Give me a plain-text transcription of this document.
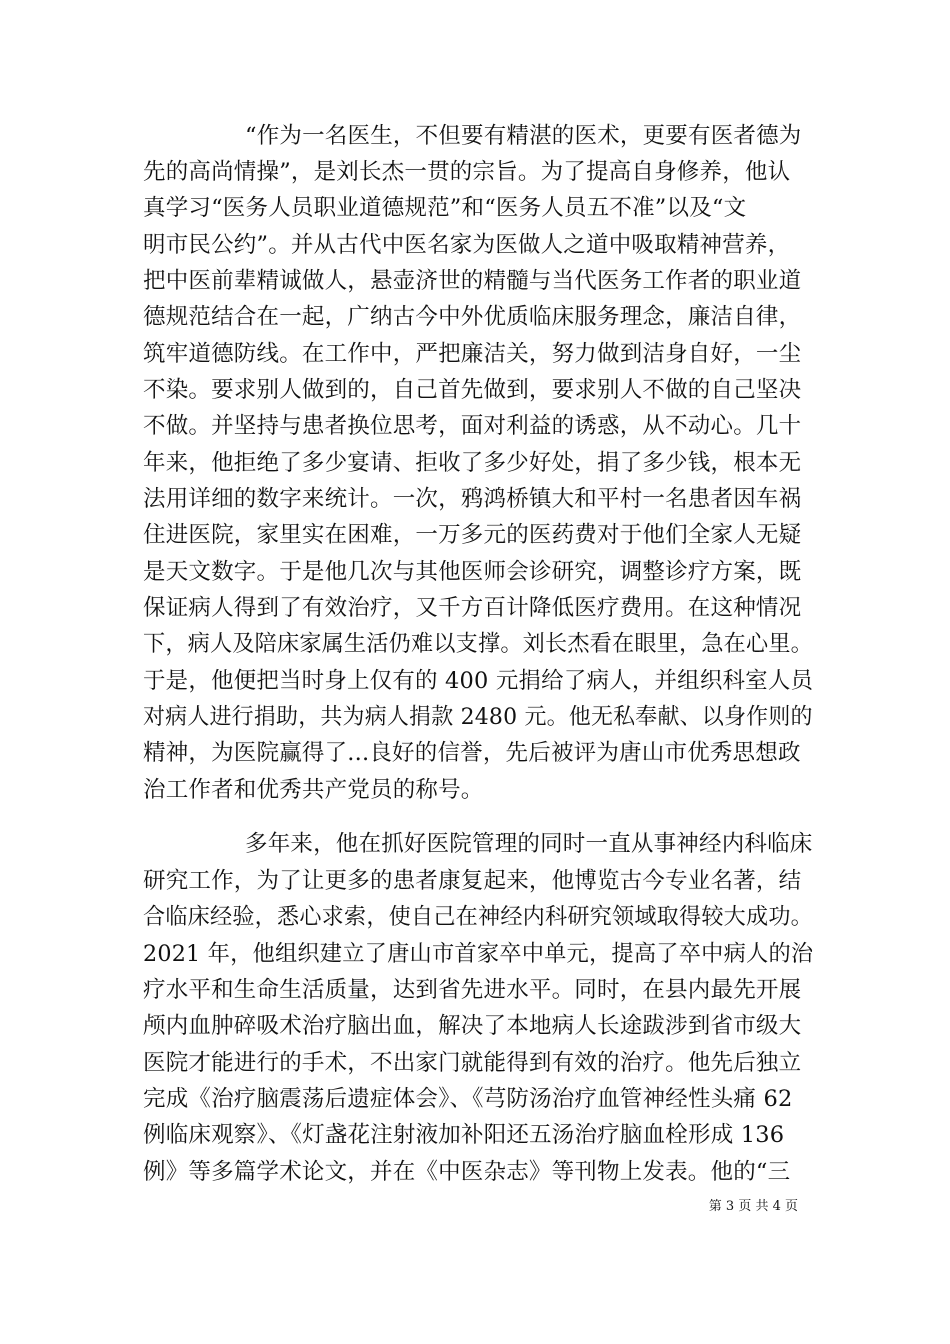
“作为一名医生，不但要有精湛的医术，更要有医者德为
先的高尚情操”，是刘长杰一贯的宗旨。为了提高自身修养，他认
真学习“医务人员职业道德规范”和“医务人员五不准”以及“文
明市民公约”。并从古代中医名家为医做人之道中吸取精神营养，
把中医前辈精诚做人，悬壶济世的精髓与当代医务工作者的职业道
德规范结合在一起，广纳古今中外优质临床服务理念，廉洁自律，
筑牢道德防线。在工作中，严把廉洁关，努力做到洁身自好，一尘
不染。要求别人做到的，自己首先做到，要求别人不做的自己坚决
不做。并坚持与患者换位思考，面对利益的诱惑，从不动心。几十
年来，他拒绝了多少宴请、拒收了多少好处，捐了多少钱，根本无
法用详细的数字来统计。一次，鸦鸿桥镇大和平村一名患者因车祸
住进医院，家里实在困难，一万多元的医药费对于他们全家人无疑
是天文数字。于是他几次与其他医师会诊研究，调整诊疗方案，既
保证病人得到了有效治疗，又千方百计降低医疗费用。在这种情况
下，病人及陪床家属生活仍难以支撑。刘长杰看在眼里，急在心里。
于是，他便把当时身上仅有的 400 元捐给了病人，并组织科室人员
对病人进行捐助，共为病人捐款 2480 元。他无私奉献、以身作则的
精神，为医院赢得了...良好的信誉，先后被评为唐山市优秀思想政
治工作者和优秀共产党员的称号。
多年来，他在抓好医院管理的同时一直从事神经内科临床
研究工作，为了让更多的患者康复起来，他博览古今专业名著，结
合临床经验，悉心求索，使自己在神经内科研究领域取得较大成功。
2021 年，他组织建立了唐山市首家卒中单元，提高了卒中病人的治
疗水平和生命生活质量，达到省先进水平。同时，在县内最先开展
颅内血肿碎吸术治疗脑出血，解决了本地病人长途跋涉到省市级大
医院才能进行的手术，不出家门就能得到有效的治疗。他先后独立
完成《治疗脑震荡后遗症体会》、《芎防汤治疗血管神经性头痛 62
例临床观察》、《灯盏花注射液加补阳还五汤治疗脑血栓形成 136
例》等多篇学术论文，并在《中医杂志》等刊物上发表。他的“三
第 3 页 共 4 页
